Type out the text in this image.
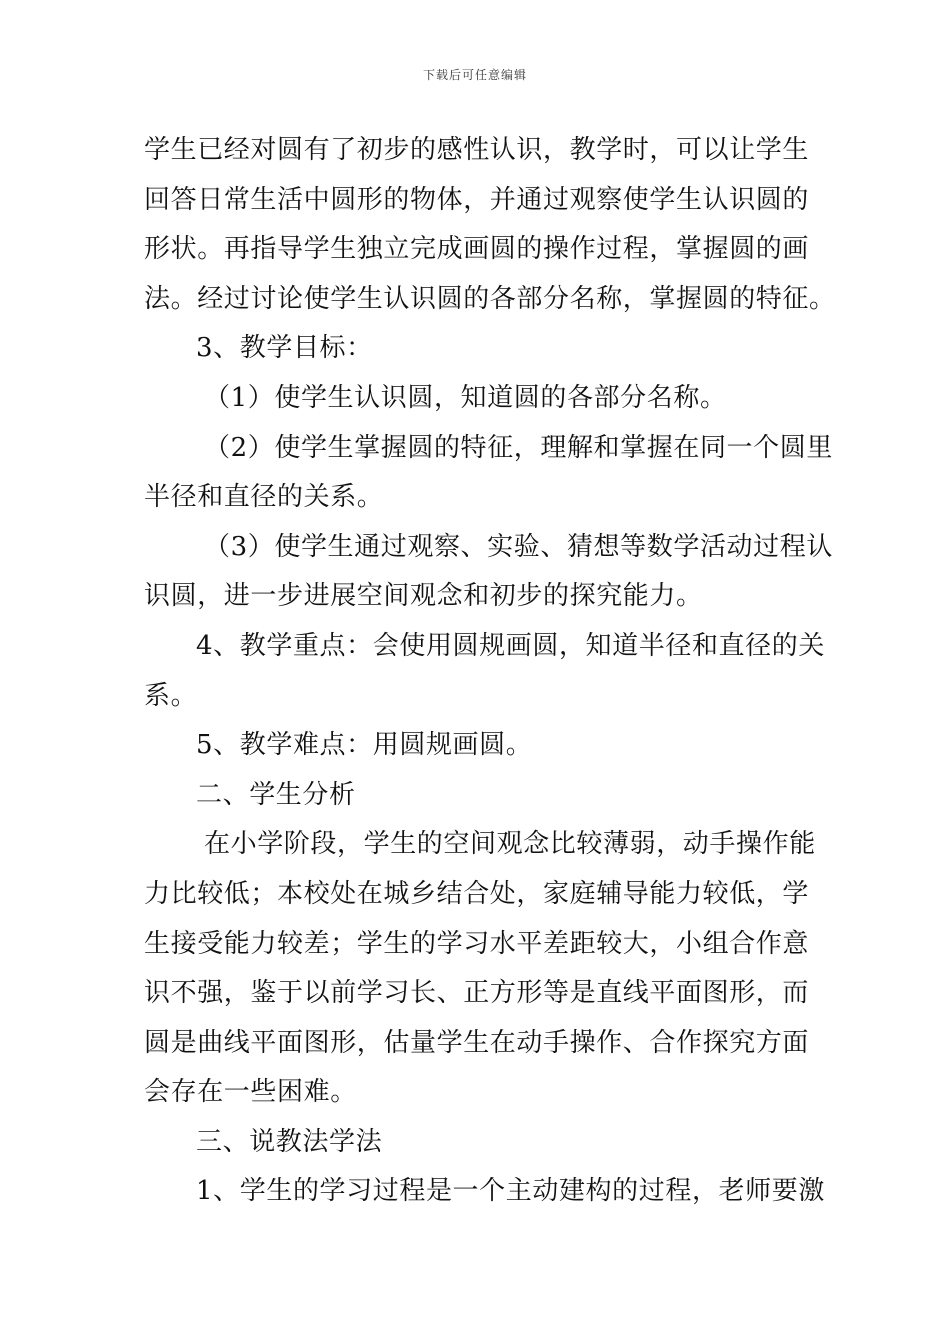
下载后可任意编辑
学生已经对圆有了初步的感性认识，教学时，可以让学生
回答日常生活中圆形的物体，并通过观察使学生认识圆的
形状。再指导学生独立完成画圆的操作过程，掌握圆的画
法。经过讨论使学生认识圆的各部分名称，掌握圆的特征。
3、教学目标：
（1）使学生认识圆，知道圆的各部分名称。
（2）使学生掌握圆的特征，理解和掌握在同一个圆里
半径和直径的关系。
（3）使学生通过观察、实验、猜想等数学活动过程认
识圆，进一步进展空间观念和初步的探究能力。
4、教学重点：会使用圆规画圆，知道半径和直径的关
系。
5、教学难点：用圆规画圆。
二、学生分析
在小学阶段，学生的空间观念比较薄弱，动手操作能
力比较低；本校处在城乡结合处，家庭辅导能力较低，学
生接受能力较差；学生的学习水平差距较大，小组合作意
识不强，鉴于以前学习长、正方形等是直线平面图形，而
圆是曲线平面图形，估量学生在动手操作、合作探究方面
会存在一些困难。
三、说教法学法
1、学生的学习过程是一个主动建构的过程，老师要激
